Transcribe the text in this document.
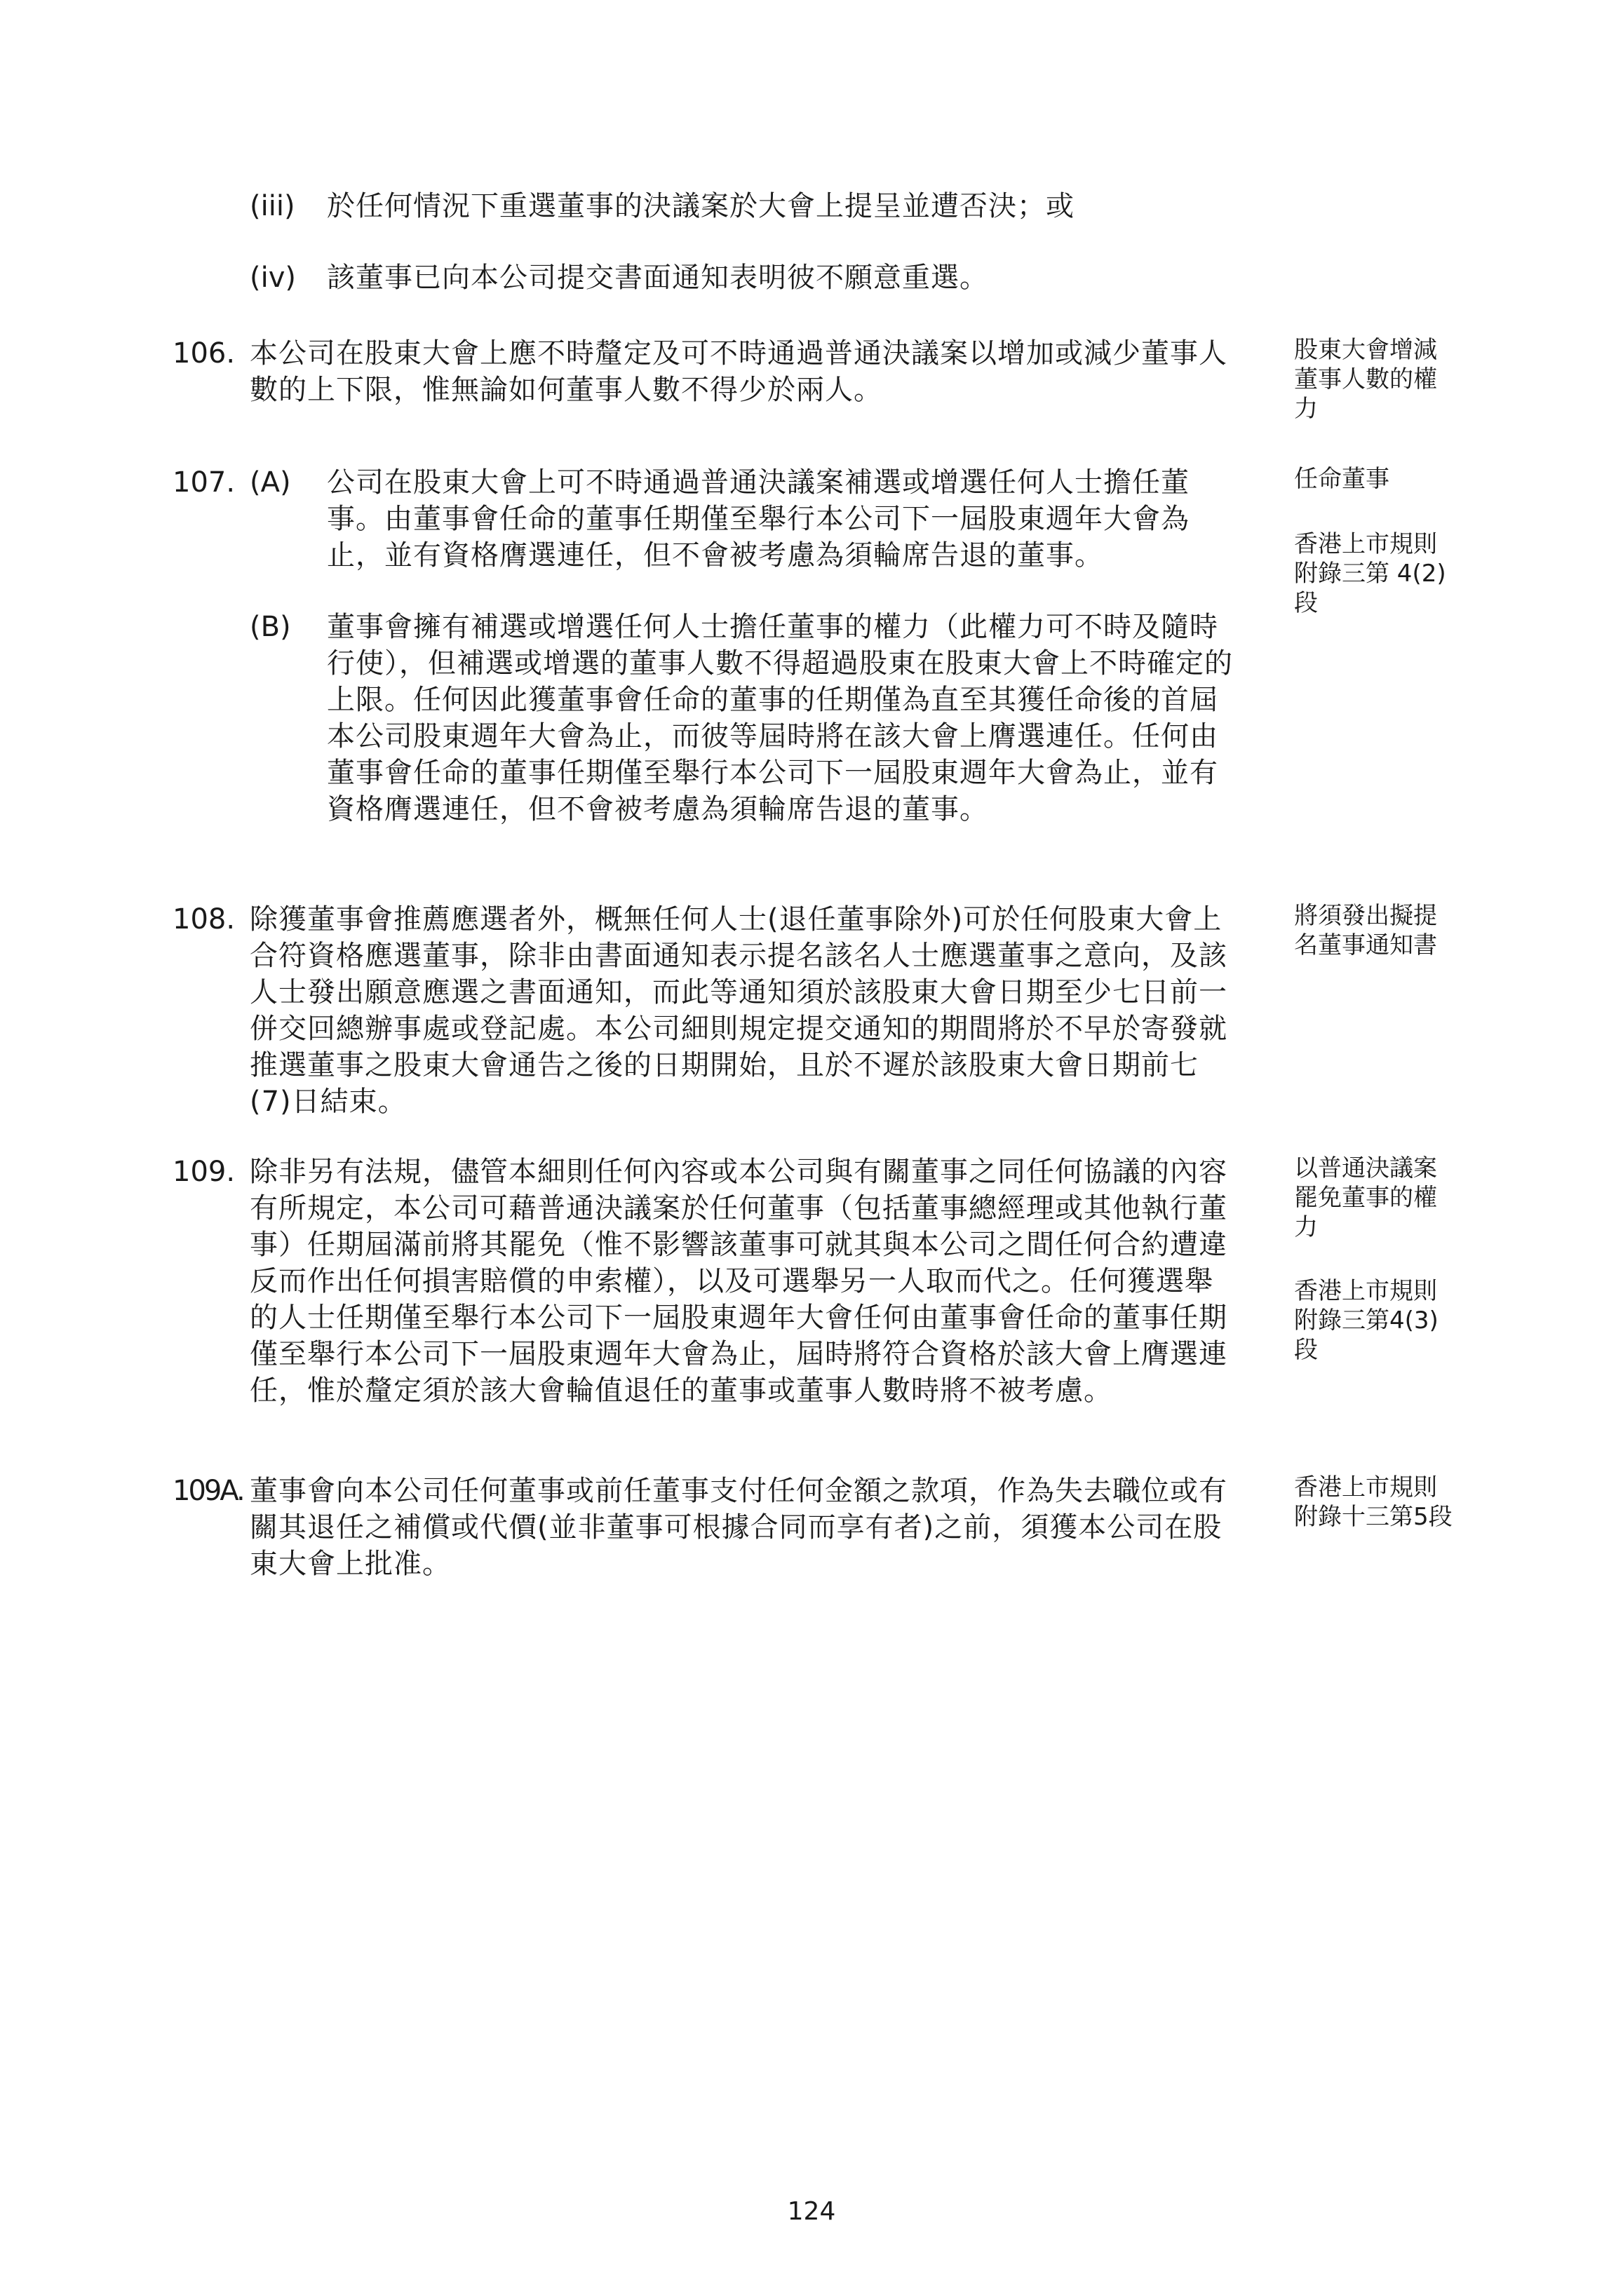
(iii) 於任何情況下重選董事的決議案於大會上提呈並遭否決；或
(iv) 該董事已向本公司提交書面通知表明彼不願意重選。
106. 本公司在股東大會上應不時釐定及可不時通過普通決議案以增加或減少董事人數的上下限，惟無論如何董事人數不得少於兩人。
股東大會增減董事人數的權力
107. (A) 公司在股東大會上可不時通過普通決議案補選或增選任何人士擔任董事。由董事會任命的董事任期僅至舉行本公司下一屆股東週年大會為止，並有資格膺選連任，但不會被考慮為須輪席告退的董事。
任命董事
香港上市規則附錄三第 4(2)段
(B) 董事會擁有補選或增選任何人士擔任董事的權力（此權力可不時及隨時行使），但補選或增選的董事人數不得超過股東在股東大會上不時確定的上限。任何因此獲董事會任命的董事的任期僅為直至其獲任命後的首屆本公司股東週年大會為止，而彼等屆時將在該大會上膺選連任。任何由董事會任命的董事任期僅至舉行本公司下一屆股東週年大會為止，並有資格膺選連任，但不會被考慮為須輪席告退的董事。
108. 除獲董事會推薦應選者外，概無任何人士(退任董事除外)可於任何股東大會上合符資格應選董事，除非由書面通知表示提名該名人士應選董事之意向，及該人士發出願意應選之書面通知，而此等通知須於該股東大會日期至少七日前一併交回總辦事處或登記處。本公司細則規定提交通知的期間將於不早於寄發就推選董事之股東大會通告之後的日期開始，且於不遲於該股東大會日期前七(7)日結束。
將須發出擬提名董事通知書
109. 除非另有法規，儘管本細則任何內容或本公司與有關董事之同任何協議的內容有所規定，本公司可藉普通決議案於任何董事（包括董事總經理或其他執行董事）任期屆滿前將其罷免（惟不影響該董事可就其與本公司之間任何合約遭違反而作出任何損害賠償的申索權），以及可選舉另一人取而代之。任何獲選舉的人士任期僅至舉行本公司下一屆股東週年大會任何由董事會任命的董事任期僅至舉行本公司下一屆股東週年大會為止，屆時將符合資格於該大會上膺選連任，惟於釐定須於該大會輪值退任的董事或董事人數時將不被考慮。
以普通決議案罷免董事的權力
香港上市規則附錄三第4(3)段
109A. 董事會向本公司任何董事或前任董事支付任何金額之款項，作為失去職位或有關其退任之補償或代價(並非董事可根據合同而享有者)之前，須獲本公司在股東大會上批准。
香港上市規則附錄十三第5段
124
